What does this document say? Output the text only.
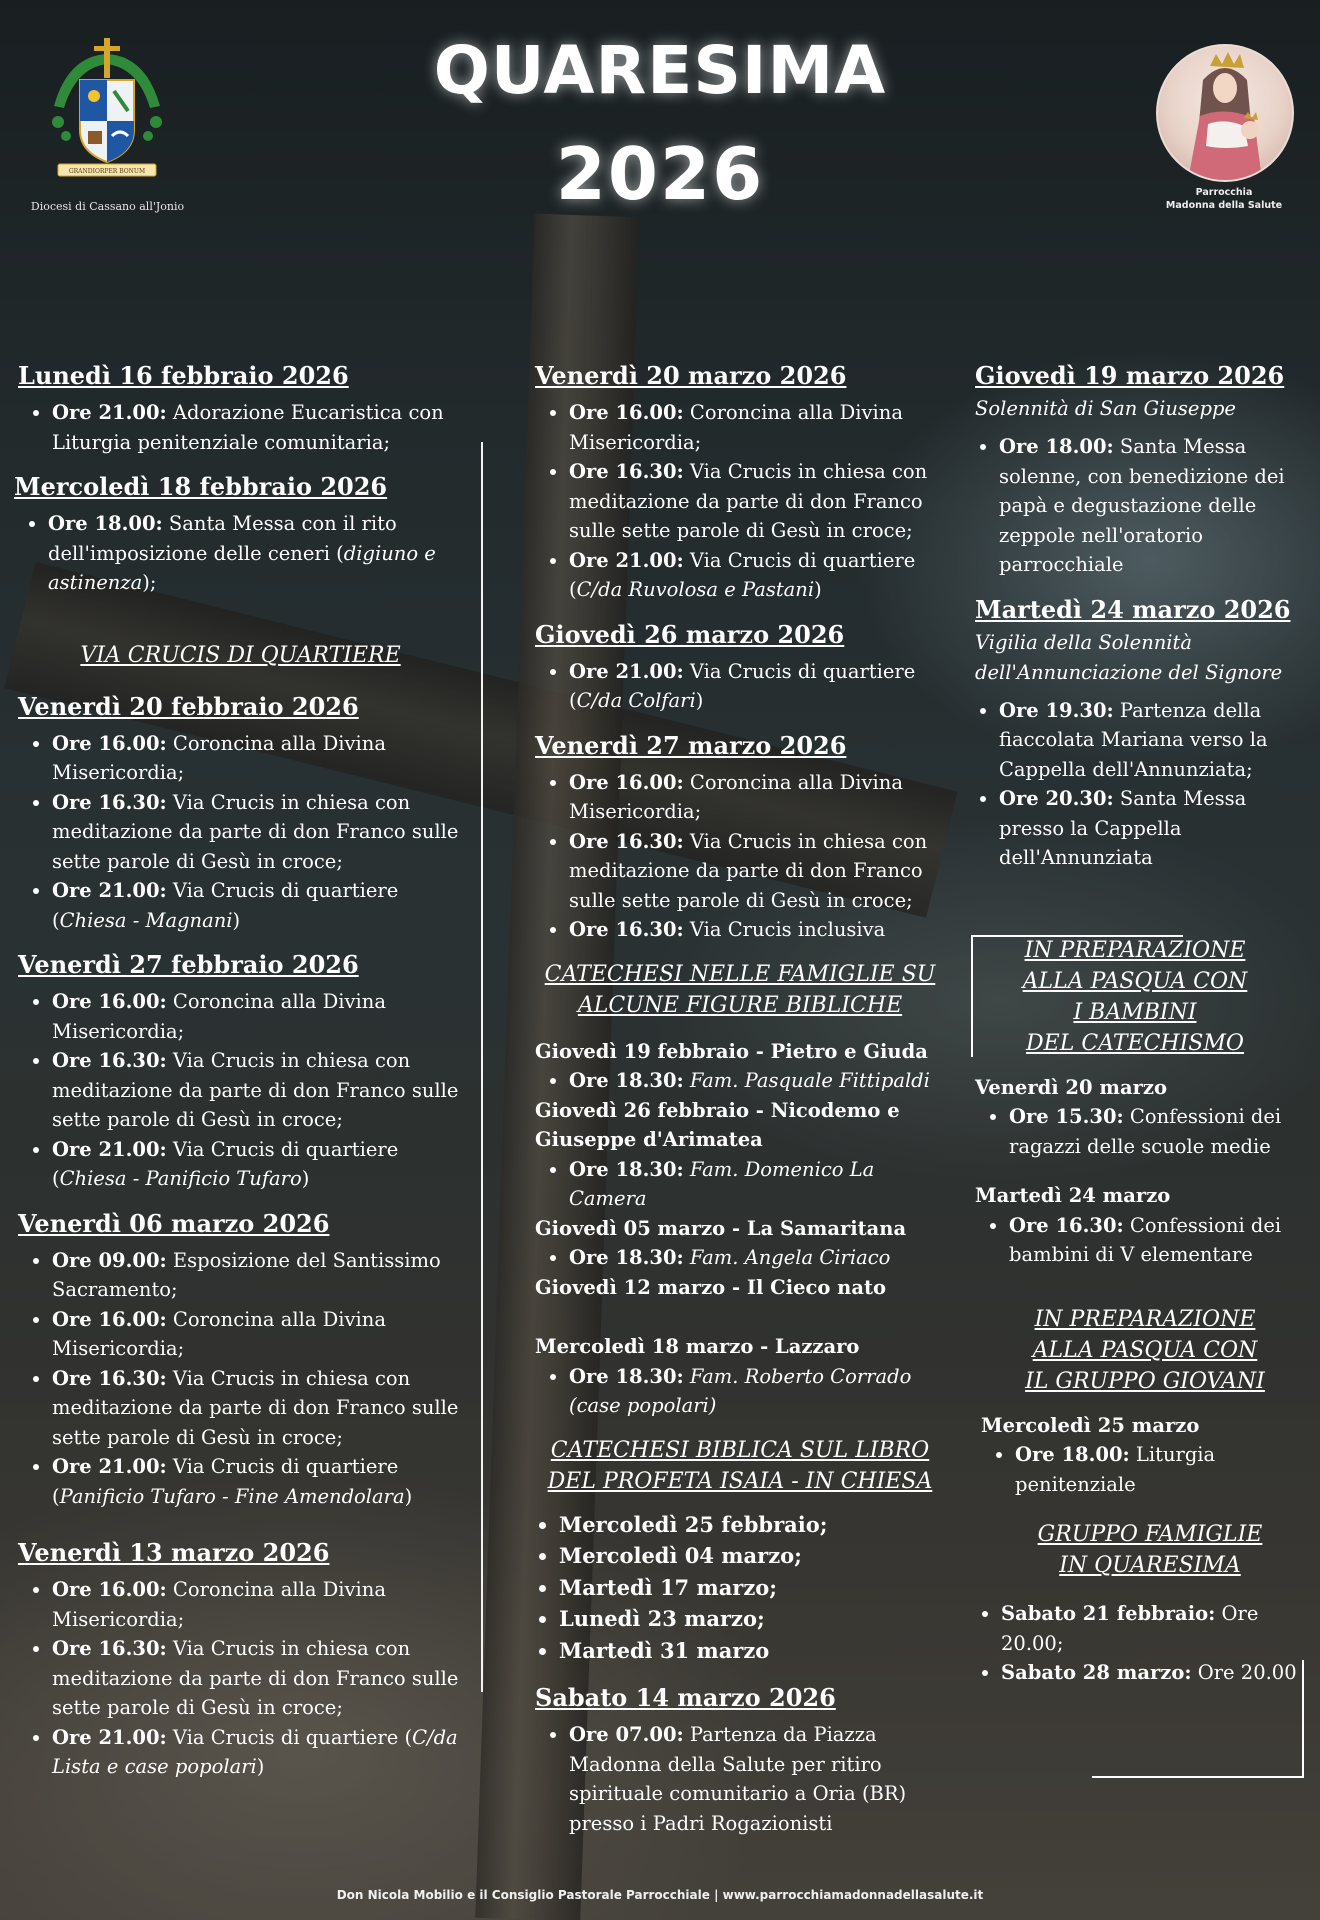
GRANDIORPER BONUM
Diocesi di Cassano all'Jonio
QUARESIMA
2026	Parrocchia
Madonna della Salute
Lunedì 16 febbraio 2026
• Ore 21.00: Adorazione Eucaristica con Liturgia penitenziale comunitaria;
Mercoledì 18 febbraio 2026
• Ore 18.00: Santa Messa con il rito dell'imposizione delle ceneri (digiuno e astinenza);
VIA CRUCIS DI QUARTIERE
Venerdì 20 febbraio 2026
• Ore 16.00: Coroncina alla Divina Misericordia;
• Ore 16.30: Via Crucis in chiesa con meditazione da parte di don Franco sulle sette parole di Gesù in croce;
• Ore 21.00: Via Crucis di quartiere (Chiesa - Magnani)
Venerdì 27 febbraio 2026
• Ore 16.00: Coroncina alla Divina Misericordia;
• Ore 16.30: Via Crucis in chiesa con meditazione da parte di don Franco sulle sette parole di Gesù in croce;
• Ore 21.00: Via Crucis di quartiere (Chiesa - Panificio Tufaro)
Venerdì 06 marzo 2026
• Ore 09.00: Esposizione del Santissimo Sacramento;
• Ore 16.00: Coroncina alla Divina Misericordia;
• Ore 16.30: Via Crucis in chiesa con meditazione da parte di don Franco sulle sette parole di Gesù in croce;
• Ore 21.00: Via Crucis di quartiere (Panificio Tufaro - Fine Amendolara)
Venerdì 13 marzo 2026
• Ore 16.00: Coroncina alla Divina Misericordia;
• Ore 16.30: Via Crucis in chiesa con meditazione da parte di don Franco sulle sette parole di Gesù in croce;
• Ore 21.00: Via Crucis di quartiere (C/da Lista e case popolari)
Venerdì 20 marzo 2026
• Ore 16.00: Coroncina alla Divina Misericordia;
• Ore 16.30: Via Crucis in chiesa con meditazione da parte di don Franco sulle sette parole di Gesù in croce;
• Ore 21.00: Via Crucis di quartiere (C/da Ruvolosa e Pastani)
Giovedì 26 marzo 2026
• Ore 21.00: Via Crucis di quartiere (C/da Colfari)
Venerdì 27 marzo 2026
• Ore 16.00: Coroncina alla Divina Misericordia;
• Ore 16.30: Via Crucis in chiesa con meditazione da parte di don Franco sulle sette parole di Gesù in croce;
• Ore 16.30: Via Crucis inclusiva
CATECHESI NELLE FAMIGLIE SU
ALCUNE FIGURE BIBLICHE
Giovedì 19 febbraio - Pietro e Giuda
• Ore 18.30: Fam. Pasquale Fittipaldi
Giovedì 26 febbraio - Nicodemo e Giuseppe d'Arimatea
• Ore 18.30: Fam. Domenico La Camera
Giovedì 05 marzo - La Samaritana
• Ore 18.30: Fam. Angela Ciriaco
Giovedì 12 marzo - Il Cieco nato
Mercoledì 18 marzo - Lazzaro
• Ore 18.30: Fam. Roberto Corrado (case popolari)
CATECHESI BIBLICA SUL LIBRO
DEL PROFETA ISAIA - IN CHIESA
• Mercoledì 25 febbraio;
• Mercoledì 04 marzo;
• Martedì 17 marzo;
• Lunedì 23 marzo;
• Martedì 31 marzo
Sabato 14 marzo 2026
• Ore 07.00: Partenza da Piazza Madonna della Salute per ritiro spirituale comunitario a Oria (BR) presso i Padri Rogazionisti
Giovedì 19 marzo 2026
Solennità di San Giuseppe
• Ore 18.00: Santa Messa solenne, con benedizione dei papà e degustazione delle zeppole nell'oratorio parrocchiale
Martedì 24 marzo 2026
Vigilia della Solennità dell'Annunciazione del Signore
• Ore 19.30: Partenza della fiaccolata Mariana verso la Cappella dell'Annunziata;
• Ore 20.30: Santa Messa presso la Cappella dell'Annunziata
IN PREPARAZIONE
ALLA PASQUA CON
I BAMBINI
DEL CATECHISMO
Venerdì 20 marzo
• Ore 15.30: Confessioni dei ragazzi delle scuole medie
Martedì 24 marzo
• Ore 16.30: Confessioni dei bambini di V elementare
IN PREPARAZIONE
ALLA PASQUA CON
IL GRUPPO GIOVANI
Mercoledì 25 marzo
• Ore 18.00: Liturgia penitenziale
GRUPPO FAMIGLIE
IN QUARESIMA
• Sabato 21 febbraio: Ore 20.00;
• Sabato 28 marzo: Ore 20.00
Don Nicola Mobilio e il Consiglio Pastorale Parrocchiale | www.parrocchiamadonnadellasalute.it
